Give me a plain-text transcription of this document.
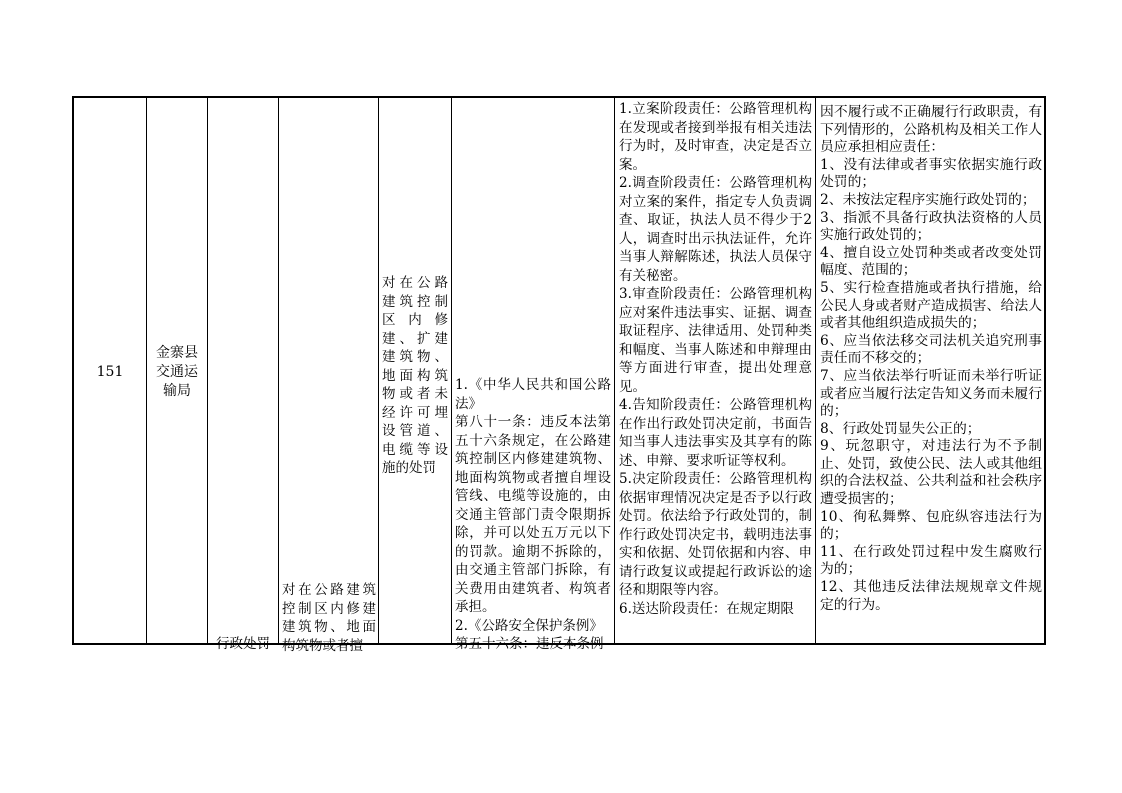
151
金寨县交通运输局
行政处罚
对在公路建筑控制区内修建建筑物、地面构筑物或者擅
对在公路建筑控制区内修建、扩建建筑物、地面构筑物或者未经许可埋设管道、电缆等设施的处罚
1.《中华人民共和国公路法》
第八十一条：违反本法第五十六条规定，在公路建筑控制区内修建建筑物、地面构筑物或者擅自埋设管线、电缆等设施的，由交通主管部门责令限期拆除，并可以处五万元以下的罚款。逾期不拆除的，由交通主管部门拆除，有关费用由建筑者、构筑者承担。
2.《公路安全保护条例》
第五十六条：违反本条例
1.立案阶段责任：公路管理机构在发现或者接到举报有相关违法行为时，及时审查，决定是否立案。
2.调查阶段责任：公路管理机构对立案的案件，指定专人负责调查、取证，执法人员不得少于2人，调查时出示执法证件，允许当事人辩解陈述，执法人员保守有关秘密。
3.审查阶段责任：公路管理机构应对案件违法事实、证据、调查取证程序、法律适用、处罚种类和幅度、当事人陈述和申辩理由等方面进行审查，提出处理意见。
4.告知阶段责任：公路管理机构在作出行政处罚决定前，书面告知当事人违法事实及其享有的陈述、申辩、要求听证等权利。
5.决定阶段责任：公路管理机构依据审理情况决定是否予以行政处罚。依法给予行政处罚的，制作行政处罚决定书，载明违法事实和依据、处罚依据和内容、申请行政复议或提起行政诉讼的途径和期限等内容。
6.送达阶段责任：在规定期限
因不履行或不正确履行行政职责，有下列情形的，公路机构及相关工作人员应承担相应责任：
1、没有法律或者事实依据实施行政处罚的；
2、未按法定程序实施行政处罚的；
3、指派不具备行政执法资格的人员实施行政处罚的；
4、擅自设立处罚种类或者改变处罚幅度、范围的；
5、实行检查措施或者执行措施，给公民人身或者财产造成损害、给法人或者其他组织造成损失的；
6、应当依法移交司法机关追究刑事责任而不移交的；
7、应当依法举行听证而未举行听证或者应当履行法定告知义务而未履行的；
8、行政处罚显失公正的；
9、玩忽职守，对违法行为不予制止、处罚，致使公民、法人或其他组织的合法权益、公共利益和社会秩序遭受损害的；
10、徇私舞弊、包庇纵容违法行为的；
11、在行政处罚过程中发生腐败行为的；
12、其他违反法律法规规章文件规定的行为。
